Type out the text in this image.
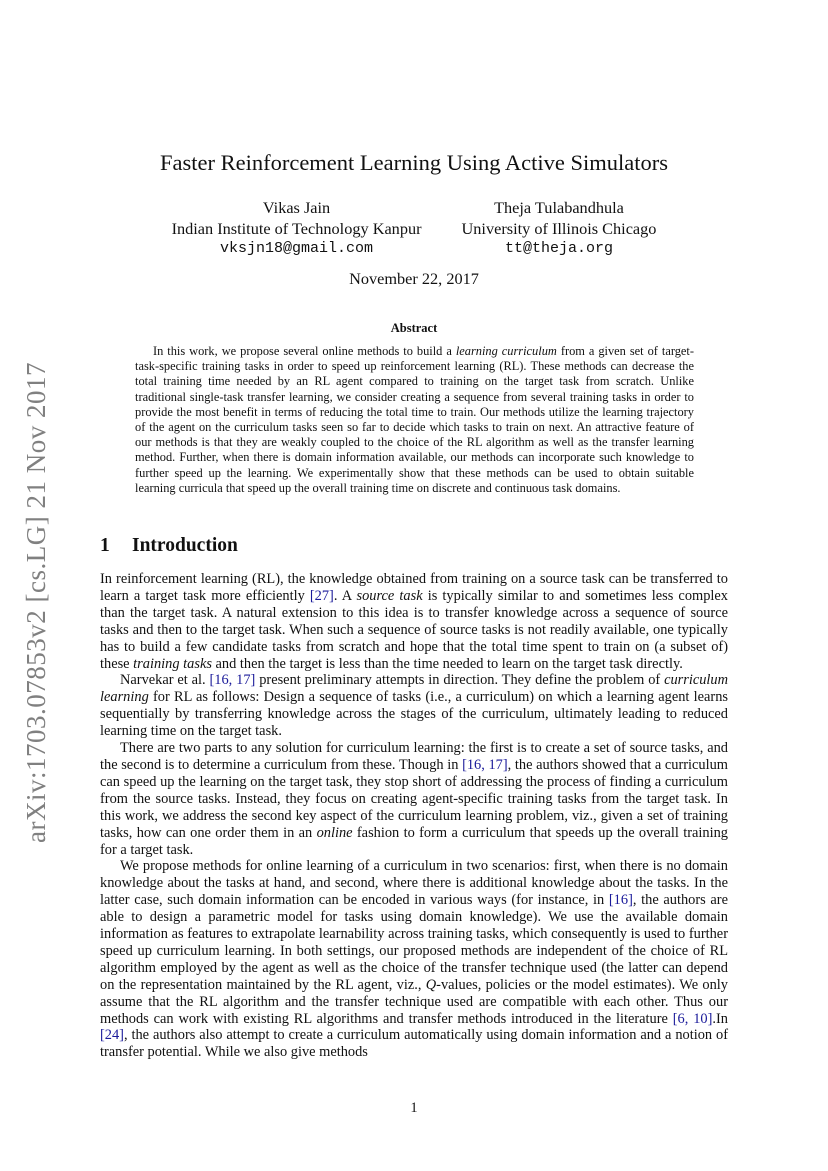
arXiv:1703.07853v2 [cs.LG] 21 Nov 2017
Faster Reinforcement Learning Using Active Simulators
Vikas Jain
Indian Institute of Technology Kanpur
vksjn18@gmail.com
Theja Tulabandhula
University of Illinois Chicago
tt@theja.org
November 22, 2017
Abstract

In this work, we propose several online methods to build a learning curriculum from a given set of target-task-specific training tasks in order to speed up reinforcement learning (RL). These methods can decrease the total training time needed by an RL agent compared to training on the target task from scratch. Unlike traditional single-task transfer learning, we consider creating a sequence from several training tasks in order to provide the most benefit in terms of reducing the total time to train. Our methods utilize the learning trajectory of the agent on the curriculum tasks seen so far to decide which tasks to train on next. An attractive feature of our methods is that they are weakly coupled to the choice of the RL algorithm as well as the transfer learning method. Further, when there is domain information available, our methods can incorporate such knowledge to further speed up the learning. We experimentally show that these methods can be used to obtain suitable learning curricula that speed up the overall training time on discrete and continuous task domains.

1 Introduction

In reinforcement learning (RL), the knowledge obtained from training on a source task can be transferred to learn a target task more efficiently [27]. A source task is typically similar to and sometimes less complex than the target task. A natural extension to this idea is to transfer knowledge across a sequence of source tasks and then to the target task. When such a sequence of source tasks is not readily available, one typically has to build a few candidate tasks from scratch and hope that the total time spent to train on (a subset of) these training tasks and then the target is less than the time needed to learn on the target task directly.

Narvekar et al. [16, 17] present preliminary attempts in direction. They define the problem of curriculum learning for RL as follows: Design a sequence of tasks (i.e., a curriculum) on which a learning agent learns sequentially by transferring knowledge across the stages of the curriculum, ultimately leading to reduced learning time on the target task.

There are two parts to any solution for curriculum learning: the first is to create a set of source tasks, and the second is to determine a curriculum from these. Though in [16, 17], the authors showed that a curriculum can speed up the learning on the target task, they stop short of addressing the process of finding a curriculum from the source tasks. Instead, they focus on creating agent-specific training tasks from the target task. In this work, we address the second key aspect of the curriculum learning problem, viz., given a set of training tasks, how can one order them in an online fashion to form a curriculum that speeds up the overall training for a target task.

We propose methods for online learning of a curriculum in two scenarios: first, when there is no domain knowledge about the tasks at hand, and second, where there is additional knowledge about the tasks. In the latter case, such domain information can be encoded in various ways (for instance, in [16], the authors are able to design a parametric model for tasks using domain knowledge). We use the available domain information as features to extrapolate learnability across training tasks, which consequently is used to further speed up curriculum learning. In both settings, our proposed methods are independent of the choice of RL algorithm employed by the agent as well as the choice of the transfer technique used (the latter can depend on the representation maintained by the RL agent, viz., Q-values, policies or the model estimates). We only assume that the RL algorithm and the transfer technique used are compatible with each other. Thus our methods can work with existing RL algorithms and transfer methods introduced in the literature [6, 10].In [24], the authors also attempt to create a curriculum automatically using domain information and a notion of transfer potential. While we also give methods

1
